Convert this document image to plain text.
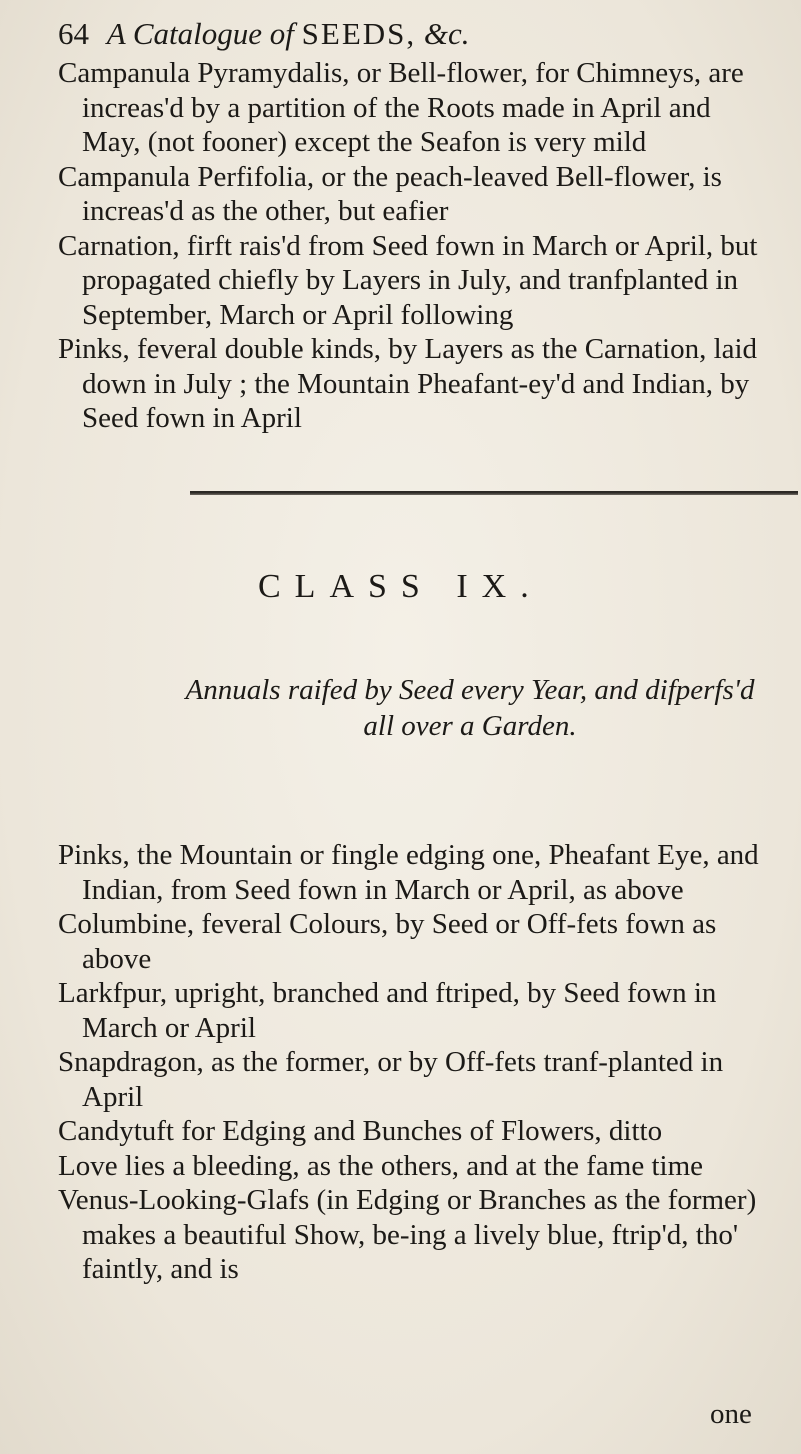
64 A Catalogue of SEEDS, &c.

Campanula Pyramydalis, or Bell-flower, for Chimneys, are increas'd by a partition of the Roots made in April and May, (not fooner) except the Seafon is very mild

Campanula Perfifolia, or the peach-leaved Bell-flower, is increas'd as the other, but eafier

Carnation, firft rais'd from Seed fown in March or April, but propagated chiefly by Layers in July, and tranfplanted in September, March or April following

Pinks, feveral double kinds, by Layers as the Carnation, laid down in July ; the Mountain Pheafant-ey'd and Indian, by Seed fown in April

CLASS IX.
Annuals raifed by Seed every Year, and difperfs'd
all over a Garden.

Pinks, the Mountain or fingle edging one, Pheafant Eye, and Indian, from Seed fown in March or April, as above

Columbine, feveral Colours, by Seed or Off-fets fown as above

Larkfpur, upright, branched and ftriped, by Seed fown in March or April

Snapdragon, as the former, or by Off-fets tranf-planted in April

Candytuft for Edging and Bunches of Flowers, ditto

Love lies a bleeding, as the others, and at the fame time

Venus-Looking-Glafs (in Edging or Branches as the former) makes a beautiful Show, be-ing a lively blue, ftrip'd, tho' faintly, and is

one
